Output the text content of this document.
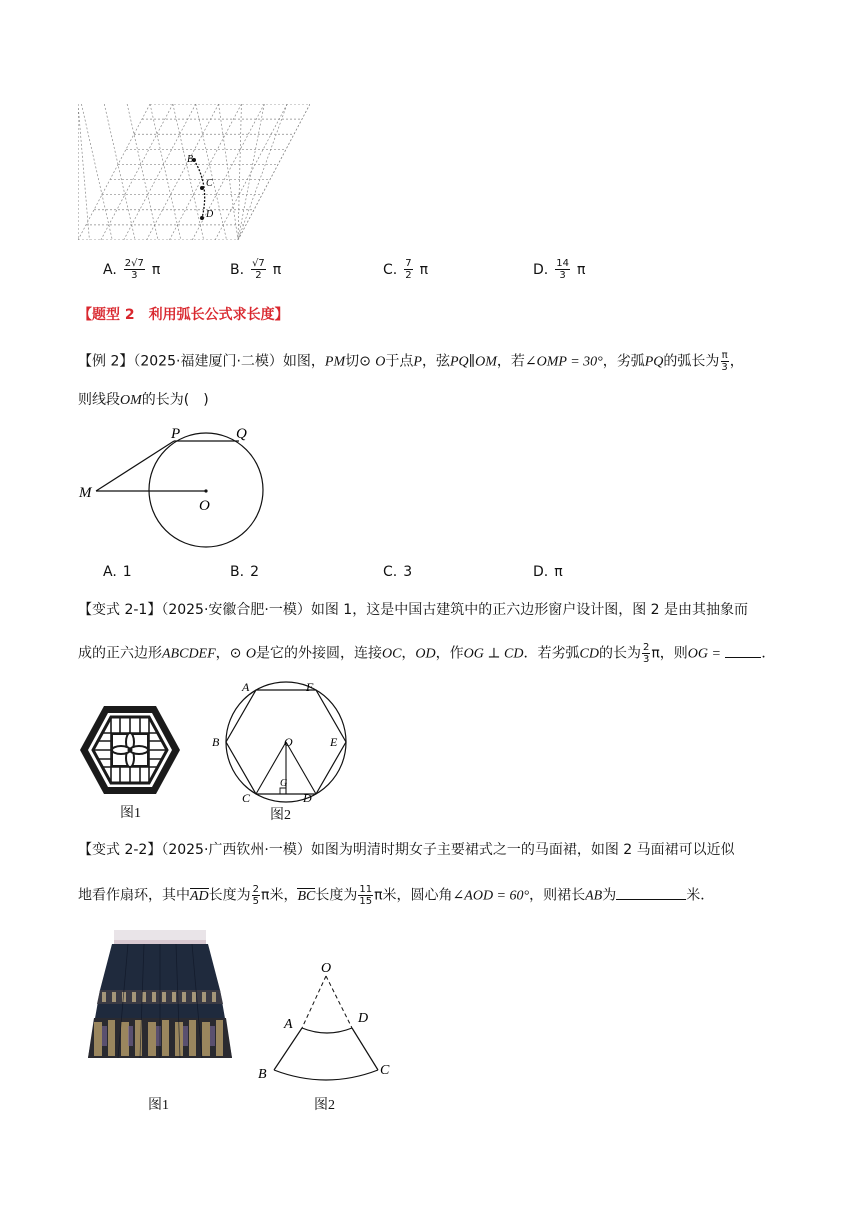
B
C
D
A. $\frac{2√7}{3}$ π	B. $\frac{√7}{2}$ π	C. $\frac{7}{2}$ π	D. $\frac{14}{3}$ π
【题型 2　利用弧长公式求长度】
【例 2】（2025·福建厦门·二模）如图，PM切⊙ O于点P，弦PQ∥OM，若∠OMP = 30°，劣弧PQ的弧长为 $\frac{\pi}{3}$ ，
则线段OM的长为(　)
P	Q
M
O
A. 1	B. 2	C. 3	D. π
【变式 2-1】（2025·安徽合肥·一模）如图 1，这是中国古建筑中的正六边形窗户设计图，图 2 是由其抽象而
成的正六边形ABCDEF，⊙ O是它的外接圆，连接OC，OD，作OG ⊥ CD．若劣弧CD的长为 $\frac{2}{3}$ π，则OG =	．
图1
A	F
B	O	E
G
C	D
图2
【变式 2-2】（2025·广西钦州·一模）如图为明清时期女子主要裙式之一的马面裙，如图 2 马面裙可以近似
地看作扇环，其中AD长度为 $\frac{2}{5}$ π米，BC长度为 $\frac{11}{15}$ π米，圆心角∠AOD = 60°，则裙长AB为	米．
图1
O
A	D
B	C
图2
